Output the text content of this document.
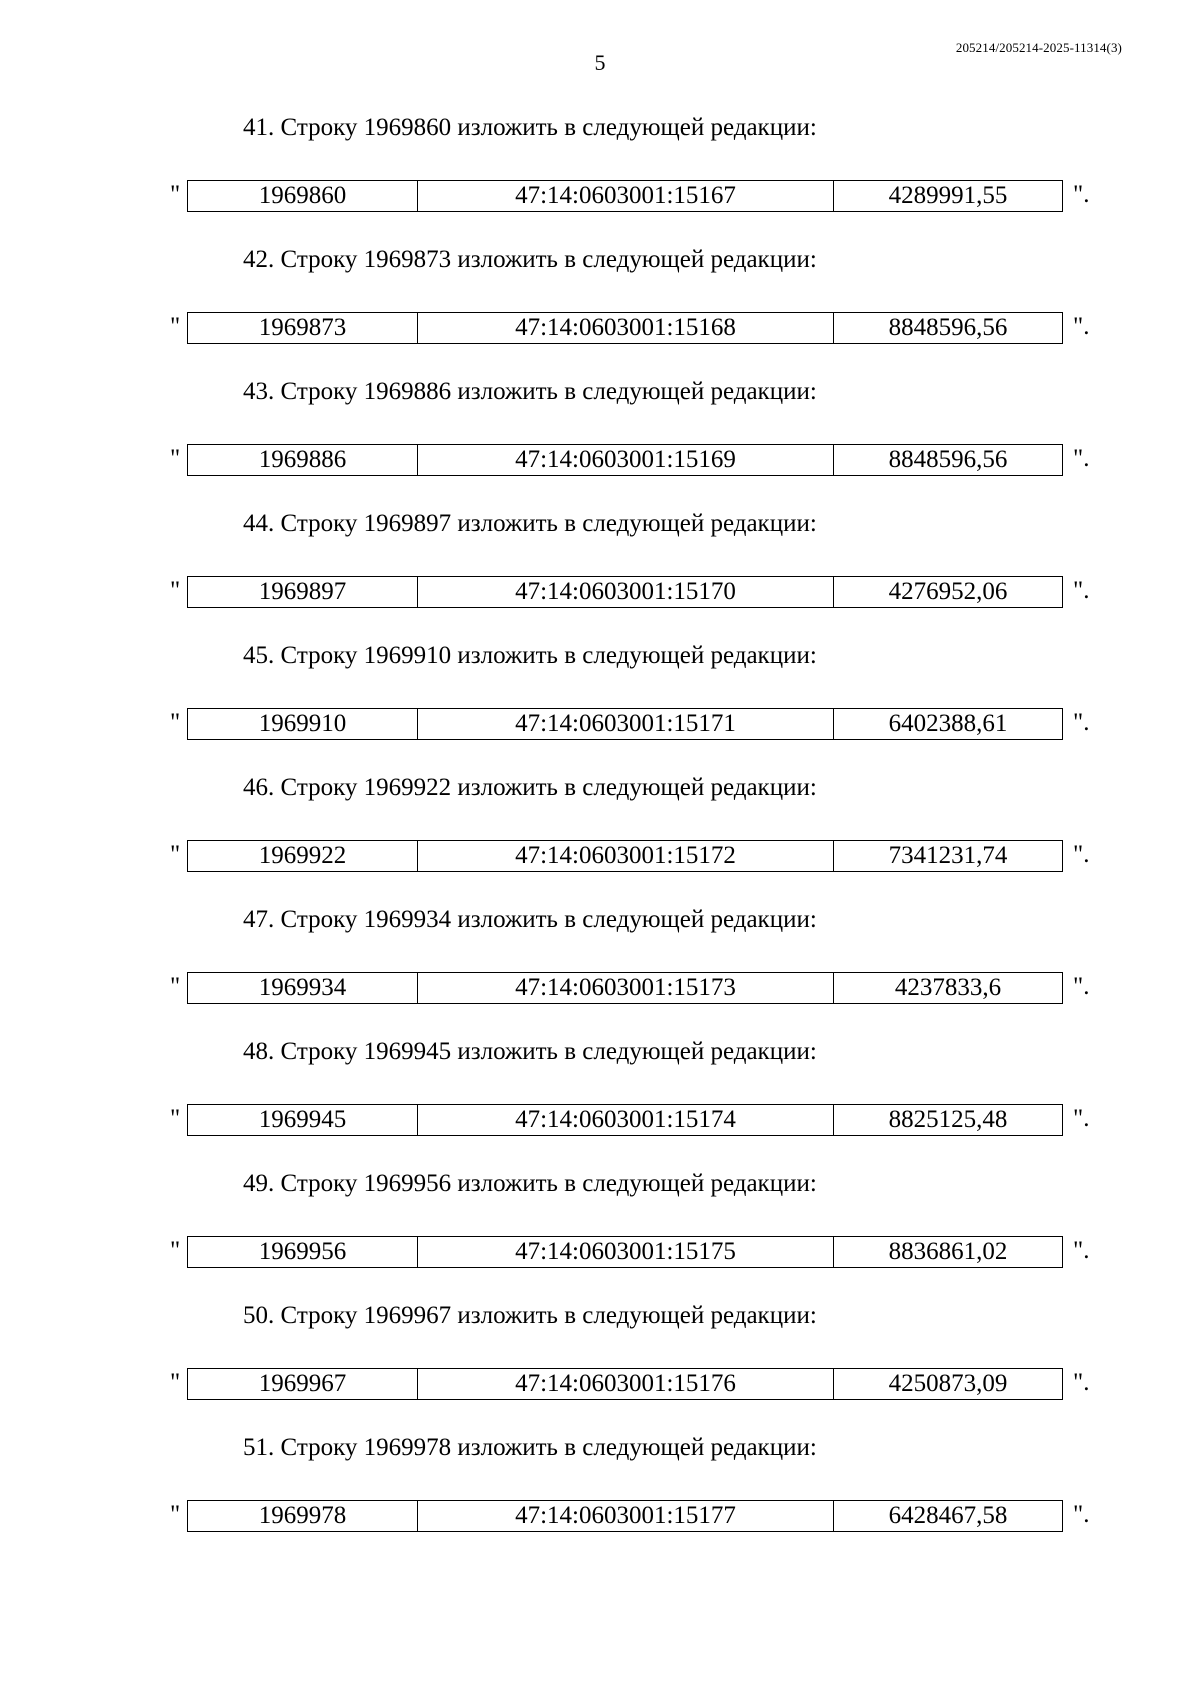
5
205214/205214-2025-11314(3)
41. Строку 1969860 изложить в следующей редакции:
"	1969860	47:14:0603001:15167	4289991,55	".
42. Строку 1969873 изложить в следующей редакции:
"	1969873	47:14:0603001:15168	8848596,56	".
43. Строку 1969886 изложить в следующей редакции:
"	1969886	47:14:0603001:15169	8848596,56	".
44. Строку 1969897 изложить в следующей редакции:
"	1969897	47:14:0603001:15170	4276952,06	".
45. Строку 1969910 изложить в следующей редакции:
"	1969910	47:14:0603001:15171	6402388,61	".
46. Строку 1969922 изложить в следующей редакции:
"	1969922	47:14:0603001:15172	7341231,74	".
47. Строку 1969934 изложить в следующей редакции:
"	1969934	47:14:0603001:15173	4237833,6	".
48. Строку 1969945 изложить в следующей редакции:
"	1969945	47:14:0603001:15174	8825125,48	".
49. Строку 1969956 изложить в следующей редакции:
"	1969956	47:14:0603001:15175	8836861,02	".
50. Строку 1969967 изложить в следующей редакции:
"	1969967	47:14:0603001:15176	4250873,09	".
51. Строку 1969978 изложить в следующей редакции:
"	1969978	47:14:0603001:15177	6428467,58	".
